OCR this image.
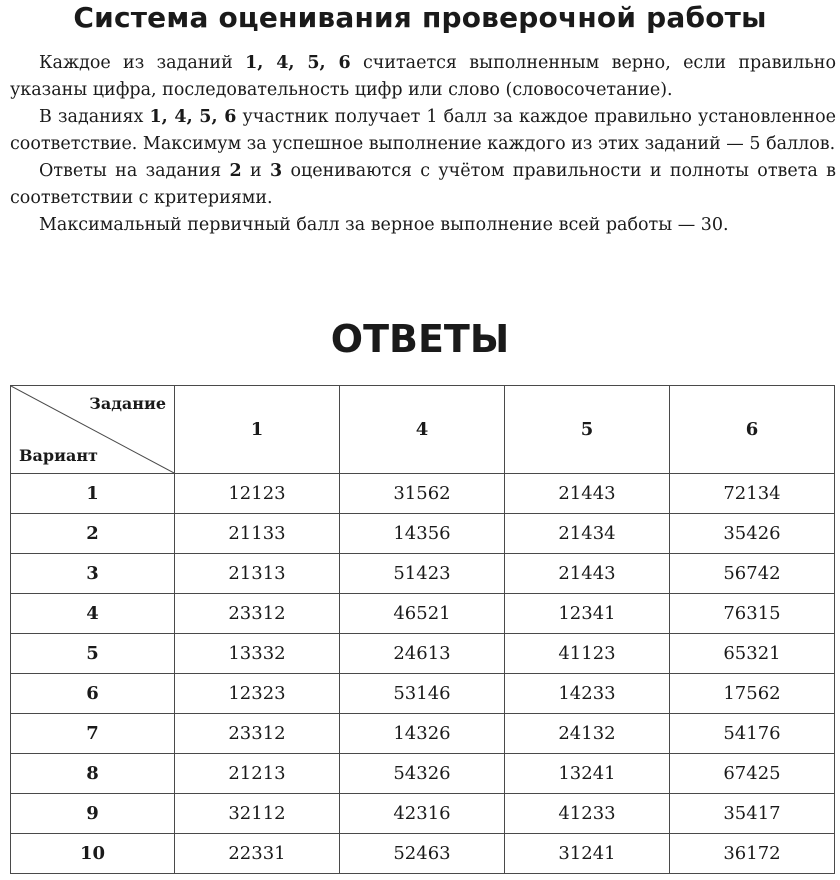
Система оценивания проверочной работы

Каждое из заданий 1, 4, 5, 6 считается выполненным верно, если правильно указаны цифра, последовательность цифр или слово (словосочетание).

В заданиях 1, 4, 5, 6 участник получает 1 балл за каждое правильно установленное соответствие. Максимум за успешное выполнение каждого из этих заданий — 5 баллов.

Ответы на задания 2 и 3 оцениваются с учётом правильности и полноты ответа в соответствии с критериями.

Максимальный первичный балл за верное выполнение всей работы — 30.

ОТВЕТЫ
Задание
Вариант	1	4	5	6
1	12123	31562	21443	72134
2	21133	14356	21434	35426
3	21313	51423	21443	56742
4	23312	46521	12341	76315
5	13332	24613	41123	65321
6	12323	53146	14233	17562
7	23312	14326	24132	54176
8	21213	54326	13241	67425
9	32112	42316	41233	35417
10	22331	52463	31241	36172
